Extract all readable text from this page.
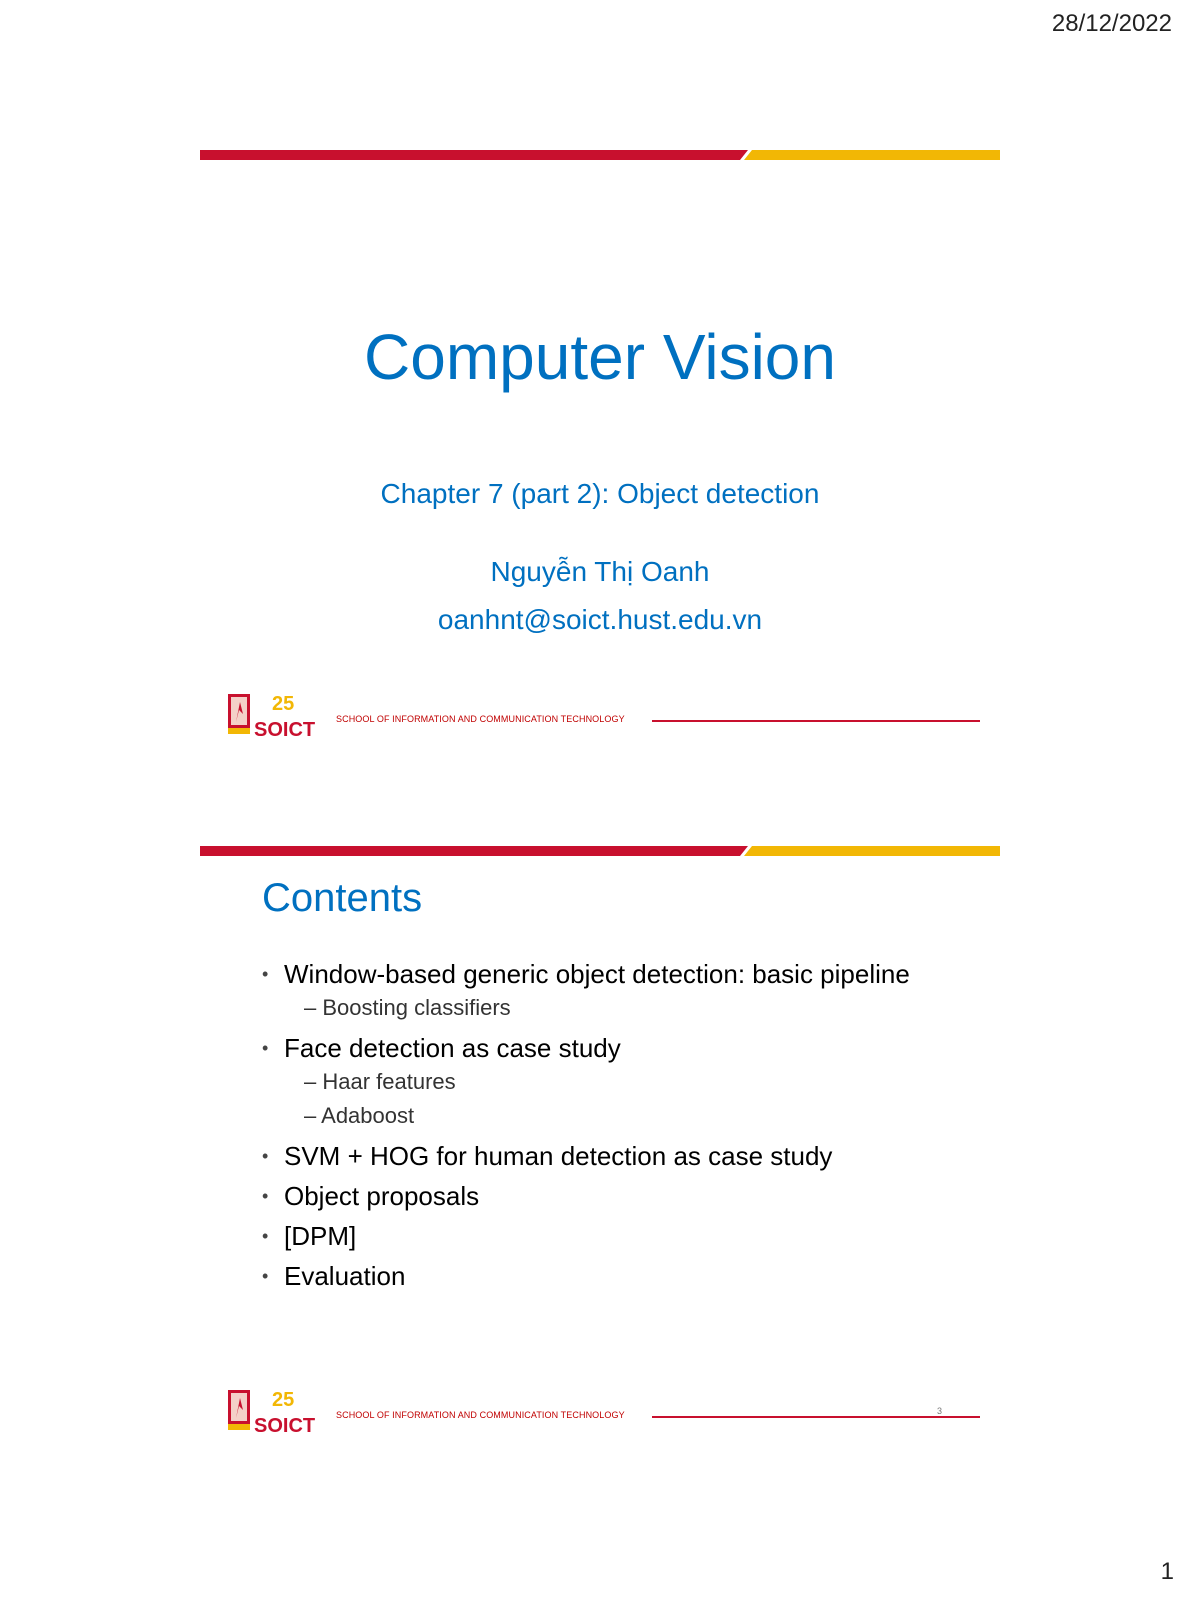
28/12/2022
Computer Vision
Chapter 7 (part 2): Object detection
Nguyễn Thị Oanh
oanhnt@soict.hust.edu.vn
25
SOICT SCHOOL OF INFORMATION AND COMMUNICATION TECHNOLOGY
Contents
• Window-based generic object detection: basic pipeline
– Boosting classifiers
• Face detection as case study
– Haar features
– Adaboost
• SVM + HOG for human detection as case study
• Object proposals
• [DPM]
• Evaluation
25
SOICT SCHOOL OF INFORMATION AND COMMUNICATION TECHNOLOGY	3
1
